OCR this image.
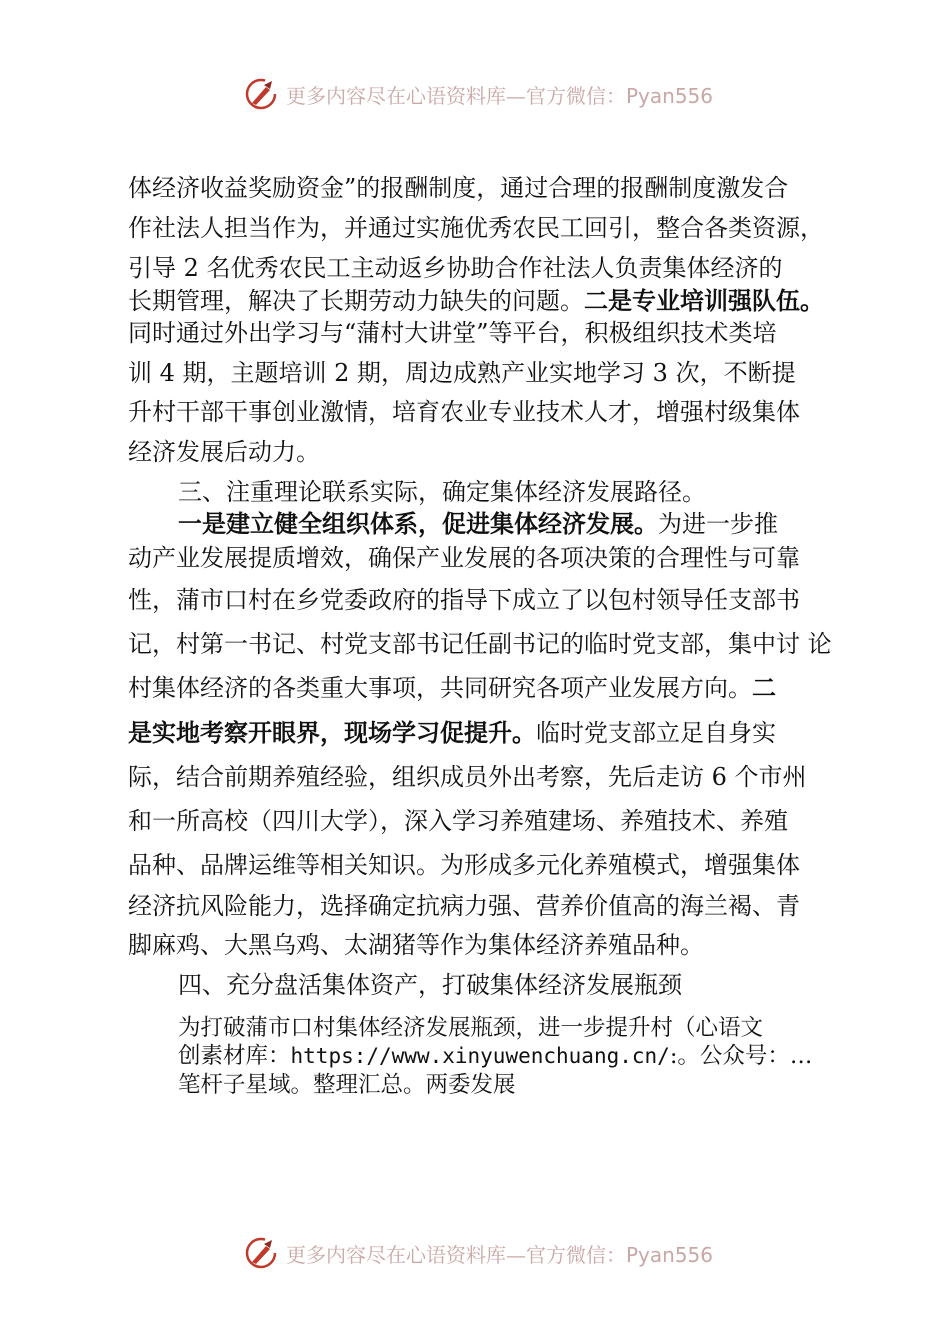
更多内容尽在心语资料库—官方微信：Pyan556
体经济收益奖励资金”的报酬制度，通过合理的报酬制度激发合
作社法人担当作为，并通过实施优秀农民工回引，整合各类资源，
引导 2 名优秀农民工主动返乡协助合作社法人负责集体经济的
长期管理，解决了长期劳动力缺失的问题。二是专业培训强队伍。
同时通过外出学习与“蒲村大讲堂”等平台，积极组织技术类培
训 4 期，主题培训 2 期，周边成熟产业实地学习 3 次，不断提
升村干部干事创业激情，培育农业专业技术人才，增强村级集体
经济发展后动力。
三、注重理论联系实际，确定集体经济发展路径。
一是建立健全组织体系，促进集体经济发展。为进一步推
动产业发展提质增效，确保产业发展的各项决策的合理性与可靠
性，蒲市口村在乡党委政府的指导下成立了以包村领导任支部书
记，村第一书记、村党支部书记任副书记的临时党支部，集中讨 论
村集体经济的各类重大事项，共同研究各项产业发展方向。二
是实地考察开眼界，现场学习促提升。临时党支部立足自身实
际，结合前期养殖经验，组织成员外出考察，先后走访 6 个市州
和一所高校（四川大学），深入学习养殖建场、养殖技术、养殖
品种、品牌运维等相关知识。为形成多元化养殖模式，增强集体
经济抗风险能力，选择确定抗病力强、营养价值高的海兰褐、青
脚麻鸡、大黑乌鸡、太湖猪等作为集体经济养殖品种。
四、充分盘活集体资产，打破集体经济发展瓶颈
为打破蒲市口村集体经济发展瓶颈，进一步提升村（心语文
创素材库：https://www.xinyuwenchuang.cn/:。公众号：…
笔杆子星域。整理汇总。两委发展
更多内容尽在心语资料库—官方微信：Pyan556
